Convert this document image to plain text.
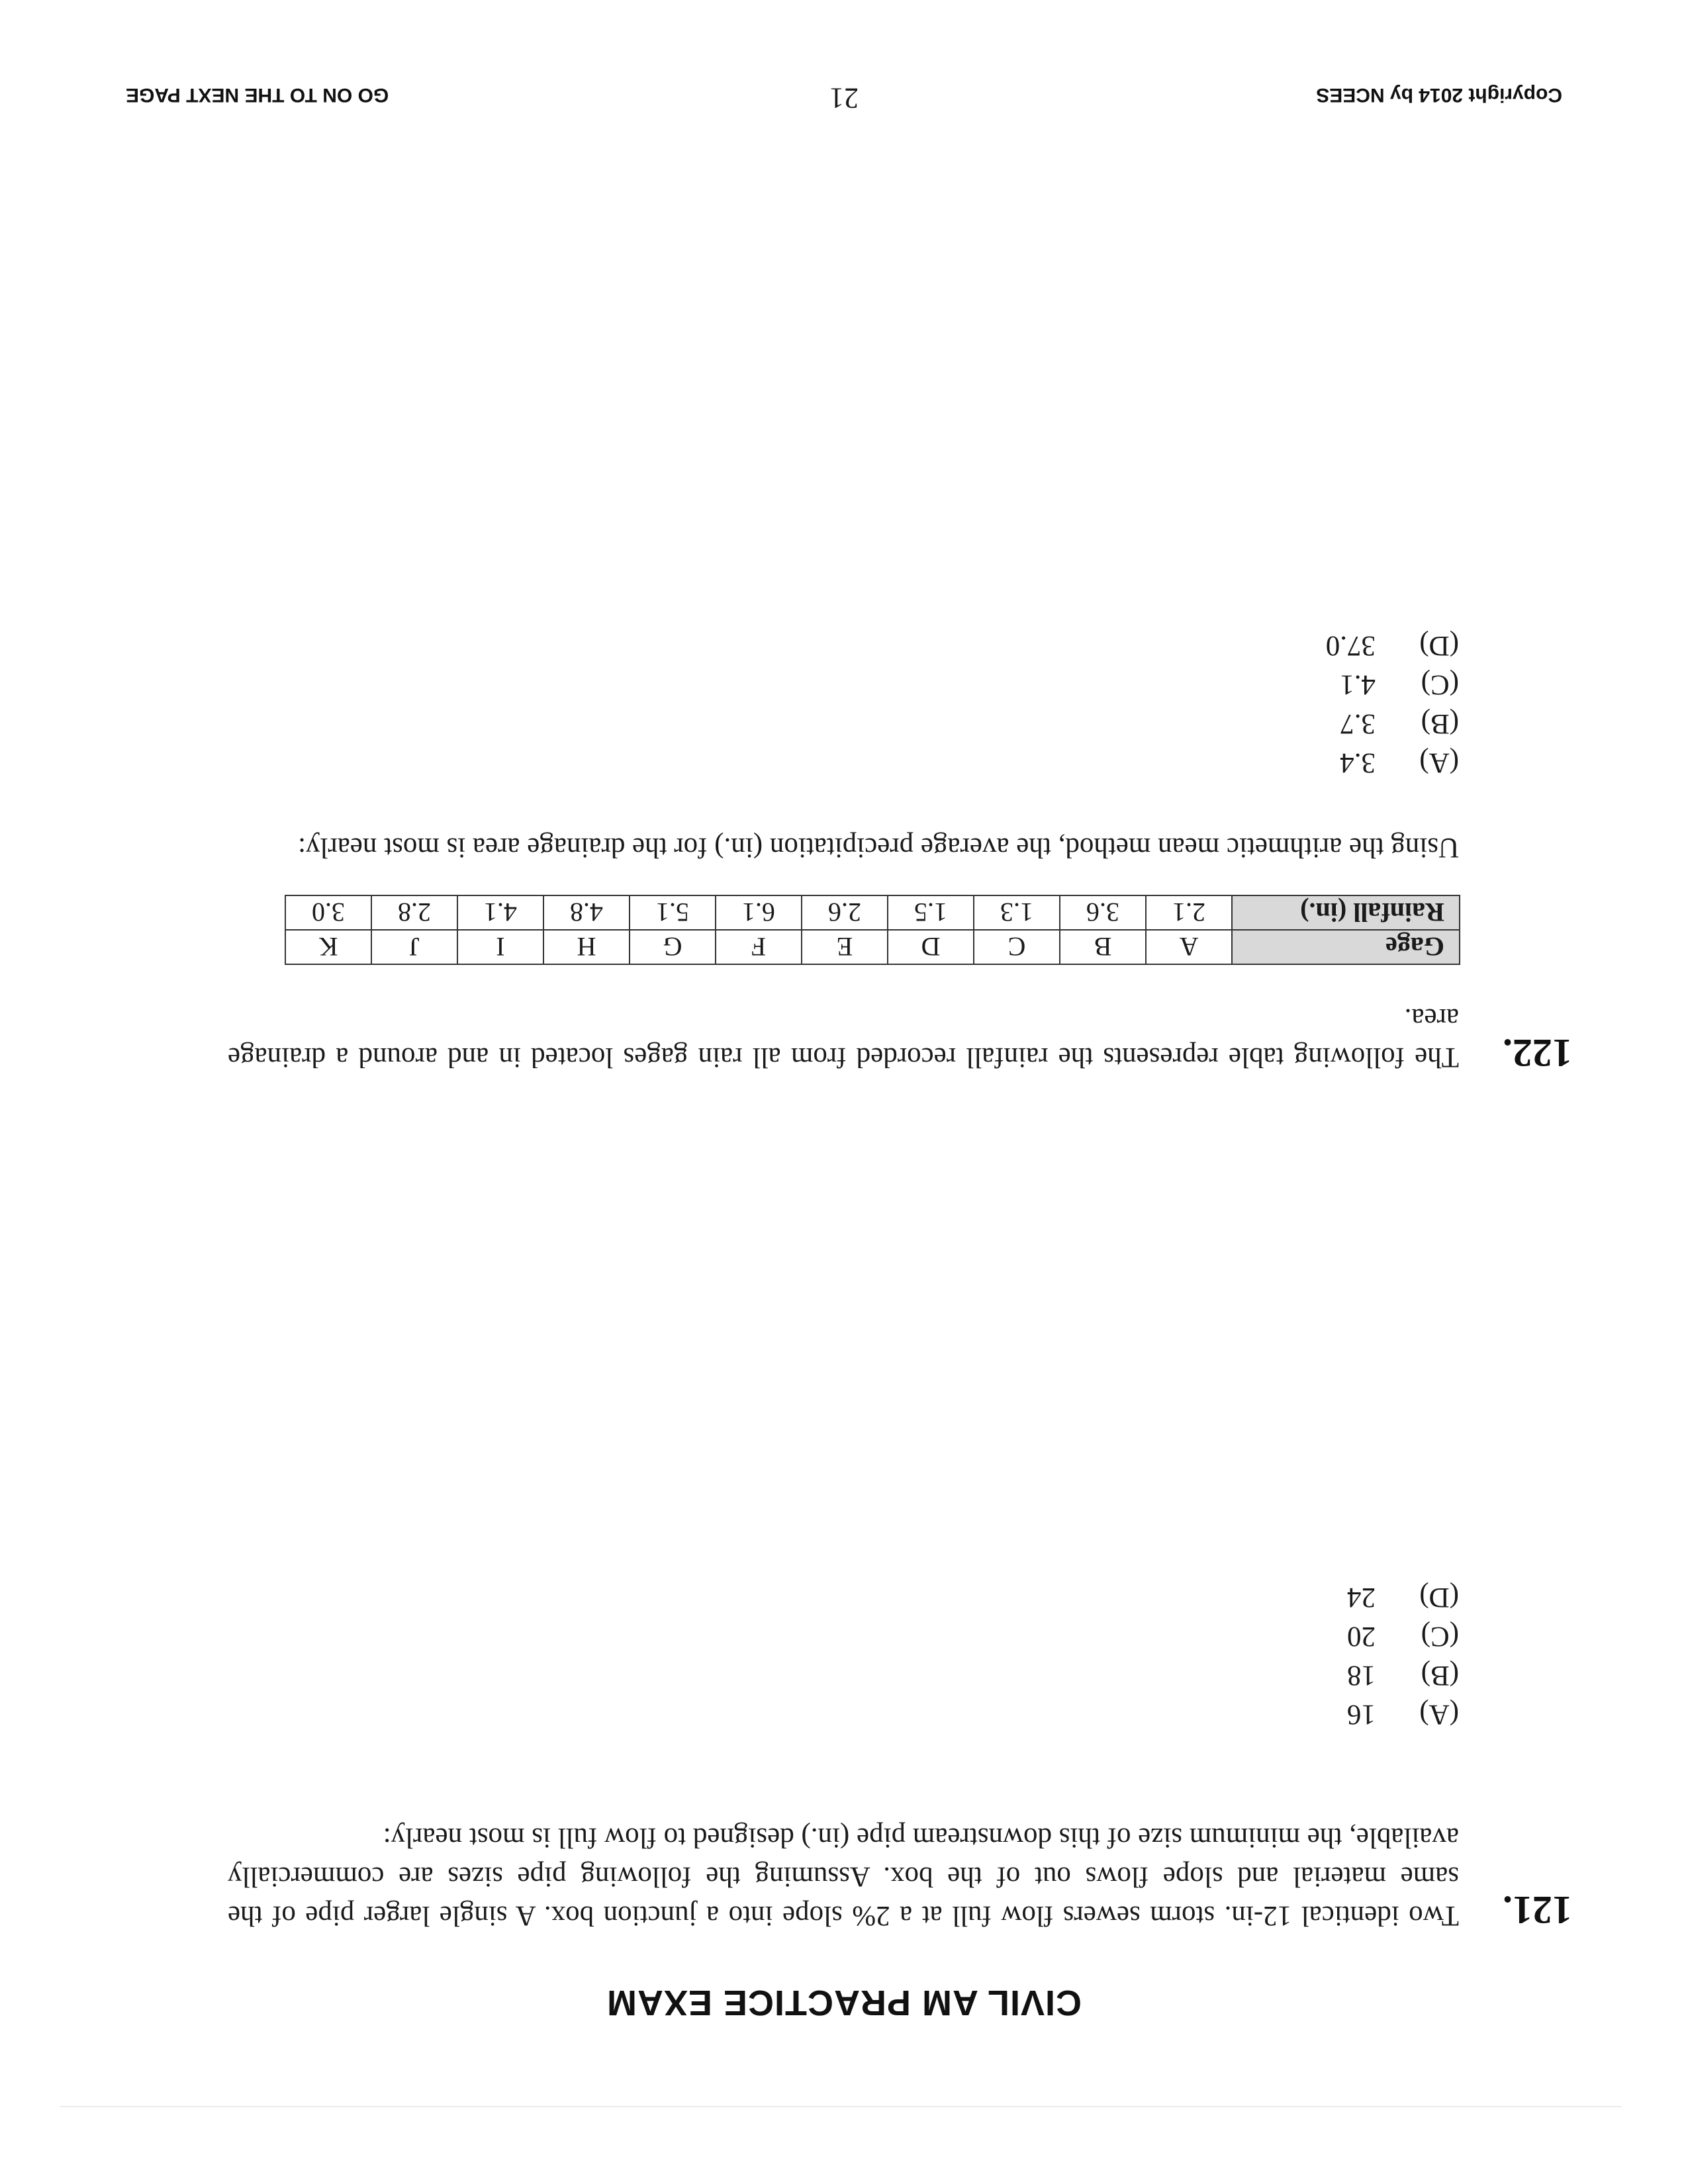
CIVIL AM PRACTICE EXAM
121.
Two identical 12-in. storm sewers flow full at a 2% slope into a junction box. A single larger pipe of the same material and slope flows out of the box. Assuming the following pipe sizes are commercially available, the minimum size of this downstream pipe (in.) designed to flow full is most nearly:
(A)16
(B)18
(C)20
(D)24
122.
The following table represents the rainfall recorded from all rain gages located in and around a drainage area.
Gage	A	B	C	D	E	F	G	H	I	J	K
Rainfall (in.)	2.1	3.6	1.3	1.5	2.6	6.1	5.1	4.8	4.1	2.8	3.0
Using the arithmetic mean method, the average precipitation (in.) for the drainage area is most nearly:
(A)3.4
(B)3.7
(C)4.1
(D)37.0
Copyright 2014 by NCEES
21
GO ON TO THE NEXT PAGE
